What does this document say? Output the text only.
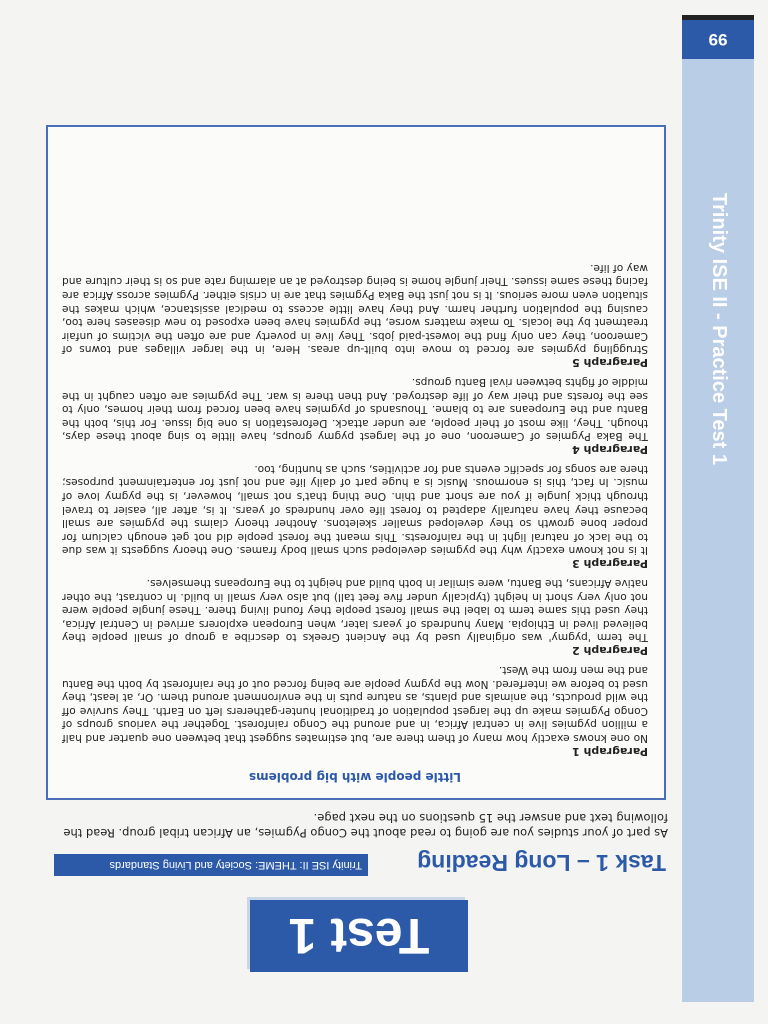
Trinity ISE II - Practice Test 1
99
Test 1
Task 1 – Long Reading
Trinity ISE II: THEME: Society and Living Standards
As part of your studies you are going to read about the Congo Pygmies, an African tribal group. Read the following text and answer the 15 questions on the next page.
Little people with big problems
Paragraph 1

No one knows exactly how many of them there are, but estimates suggest that between one quarter and half a million pygmies live in central Africa, in and around the Congo rainforest. Together the various groups of Congo Pygmies make up the largest population of traditional hunter-gatherers left on Earth. They survive off the wild products, the animals and plants, as nature puts in the environment around them. Or, at least, they used to before we interfered. Now the pygmy people are being forced out of the rainforest by both the Bantu and the men from the West.

Paragraph 2

The term 'pygmy' was originally used by the Ancient Greeks to describe a group of small people they believed lived in Ethiopia. Many hundreds of years later, when European explorers arrived in Central Africa, they used this same term to label the small forest people they found living there. These jungle people were not only very short in height (typically under five feet tall) but also very small in build. In contrast, the other native Africans, the Bantu, were similar in both build and height to the Europeans themselves.

Paragraph 3

It is not known exactly why the pygmies developed such small body frames. One theory suggests it was due to the lack of natural light in the rainforests. This meant the forest people did not get enough calcium for proper bone growth so they developed smaller skeletons. Another theory claims the pygmies are small because they have naturally adapted to forest life over hundreds of years. It is, after all, easier to travel through thick jungle if you are short and thin. One thing that's not small, however, is the pygmy love of music. In fact, this is enormous. Music is a huge part of daily life and not just for entertainment purposes; there are songs for specific events and for activities, such as hunting, too.

Paragraph 4

The Baka Pygmies of Cameroon, one of the largest pygmy groups, have little to sing about these days, though. They, like most of their people, are under attack. Deforestation is one big issue. For this, both the Bantu and the Europeans are to blame. Thousands of pygmies have been forced from their homes, only to see the forests and their way of life destroyed. And then there is war. The pygmies are often caught in the middle of fights between rival Bantu groups.

Paragraph 5

Struggling pygmies are forced to move into built-up areas. Here, in the larger villages and towns of Cameroon, they can only find the lowest-paid jobs. They live in poverty and are often the victims of unfair treatment by the locals. To make matters worse, the pygmies have been exposed to new diseases here too, causing the population further harm. And they have little access to medical assistance, which makes the situation even more serious. It is not just the Baka Pygmies that are in crisis either. Pygmies across Africa are facing these same issues. Their jungle home is being destroyed at an alarming rate and so is their culture and way of life.
